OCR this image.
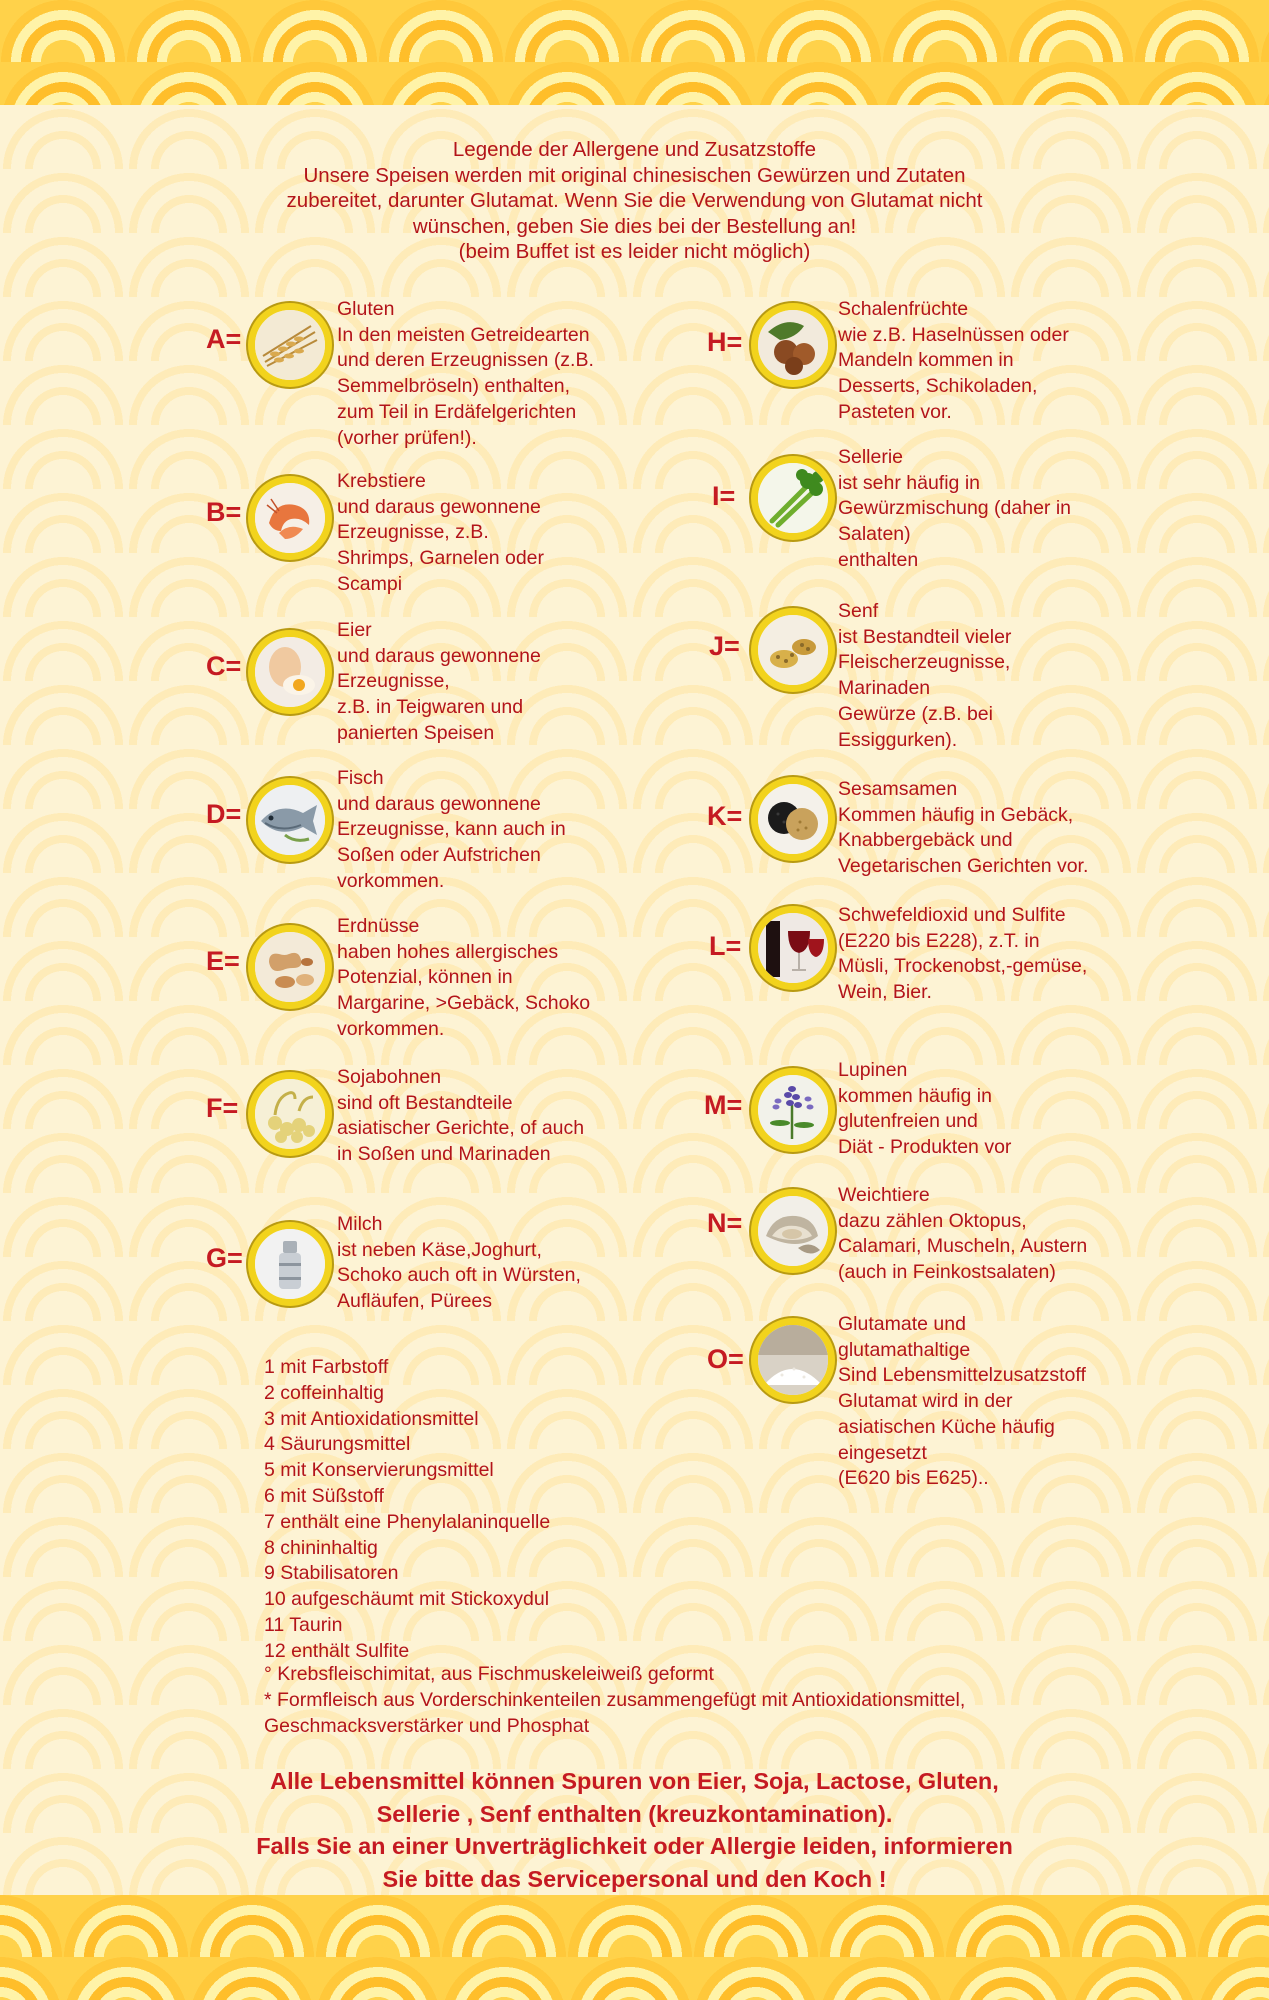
Legende der Allergene und Zusatzstoffe
Unsere Speisen werden mit original chinesischen Gewürzen und Zutaten
zubereitet, darunter Glutamat. Wenn Sie die Verwendung von Glutamat nicht
wünschen, geben Sie dies bei der Bestellung an!
(beim Buffet ist es leider nicht möglich)
A=
Gluten
In den meisten Getreidearten
und deren Erzeugnissen (z.B.
Semmelbröseln) enthalten,
zum Teil in Erdäfelgerichten
(vorher prüfen!).
B=
Krebstiere
und daraus gewonnene
Erzeugnisse, z.B.
Shrimps, Garnelen oder
Scampi
C=
Eier
und daraus gewonnene
Erzeugnisse,
z.B. in Teigwaren und
panierten Speisen
D=
Fisch
und daraus gewonnene
Erzeugnisse, kann auch in
Soßen oder Aufstrichen
vorkommen.
E=
Erdnüsse
haben hohes allergisches
Potenzial, können in
Margarine, >Gebäck, Schoko
vorkommen.
F=
Sojabohnen
sind oft Bestandteile
asiatischer Gerichte, of auch
in Soßen und Marinaden
G=
Milch
ist neben Käse,Joghurt,
Schoko auch oft in Würsten,
Aufläufen, Pürees
H=
Schalenfrüchte
wie z.B. Haselnüssen oder
Mandeln kommen in
Desserts, Schikoladen,
Pasteten vor.
I=
Sellerie
ist sehr häufig in
Gewürzmischung (daher in
Salaten)
enthalten
J=
Senf
ist Bestandteil vieler
Fleischerzeugnisse,
Marinaden
Gewürze (z.B. bei
Essiggurken).
K=
Sesamsamen
Kommen häufig in Gebäck,
Knabbergebäck und
Vegetarischen Gerichten vor.
L=
Schwefeldioxid und Sulfite
(E220 bis E228), z.T. in
Müsli, Trockenobst,-gemüse,
Wein, Bier.
M=
Lupinen
kommen häufig in
glutenfreien und
Diät - Produkten vor
N=
Weichtiere
dazu zählen Oktopus,
Calamari, Muscheln, Austern
(auch in Feinkostsalaten)
O=
Glutamate und
glutamathaltige
Sind Lebensmittelzusatzstoff
Glutamat wird in der
asiatischen Küche häufig
eingesetzt
(E620 bis E625)..
1 mit Farbstoff
2 coffeinhaltig
3 mit Antioxidationsmittel
4 Säurungsmittel
5 mit Konservierungsmittel
6 mit Süßstoff
7 enthält eine Phenylalaninquelle
8 chininhaltig
9 Stabilisatoren
10 aufgeschäumt mit Stickoxydul
11 Taurin
12 enthält Sulfite
° Krebsfleischimitat, aus Fischmuskeleiweiß geformt
* Formfleisch aus Vorderschinkenteilen zusammengefügt mit Antioxidationsmittel,
Geschmacksverstärker und Phosphat
Alle Lebensmittel können Spuren von Eier, Soja, Lactose, Gluten,
Sellerie , Senf enthalten (kreuzkontamination).
Falls Sie an einer Unverträglichkeit oder Allergie leiden, informieren
Sie bitte das Servicepersonal und den Koch !
